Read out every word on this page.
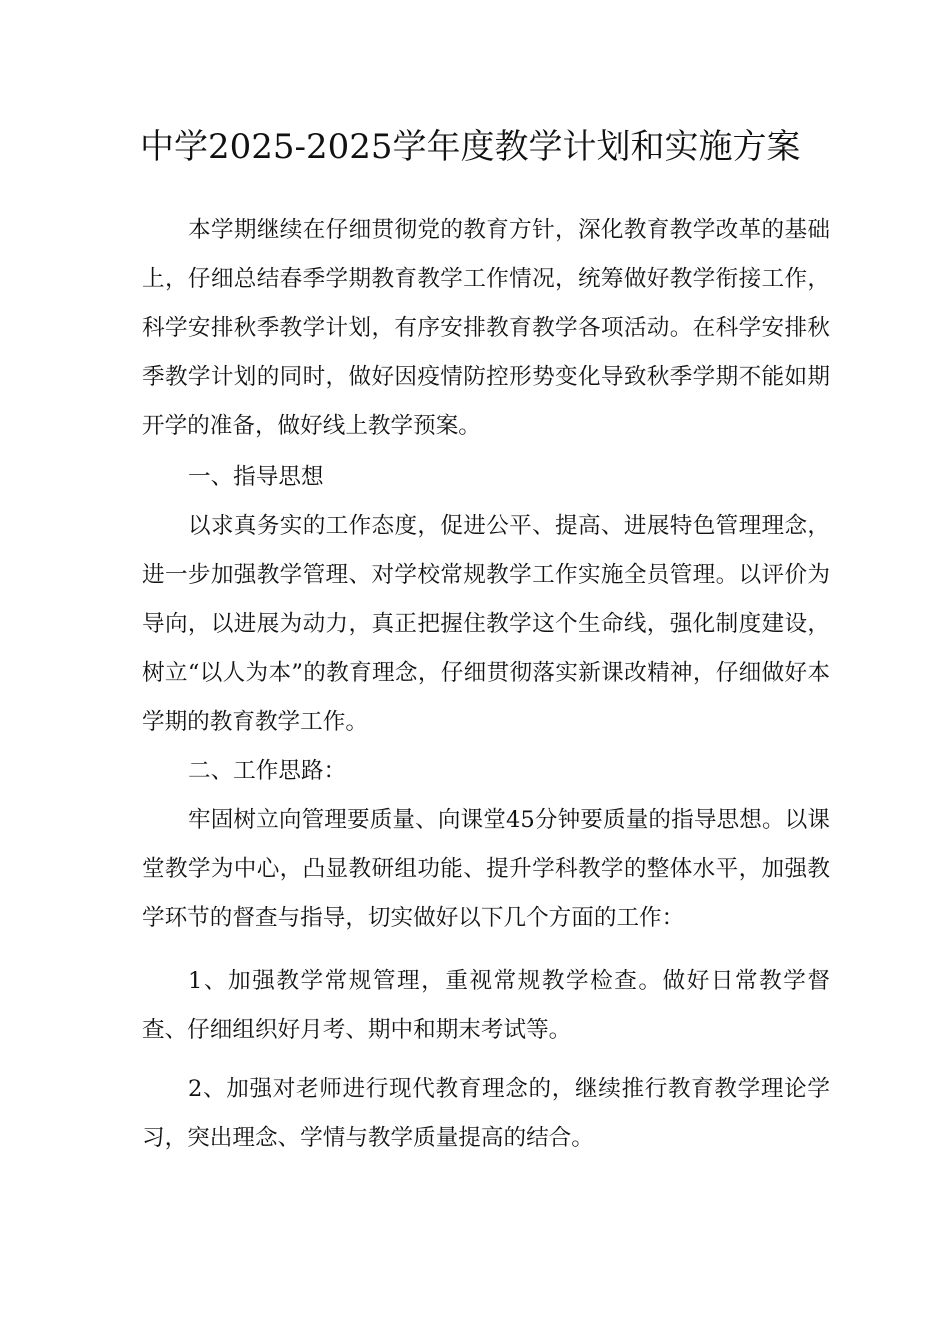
中学2025-2025学年度教学计划和实施方案

本学期继续在仔细贯彻党的教育方针，深化教育教学改革的基础上，仔细总结春季学期教育教学工作情况，统筹做好教学衔接工作，科学安排秋季教学计划，有序安排教育教学各项活动。在科学安排秋季教学计划的同时，做好因疫情防控形势变化导致秋季学期不能如期开学的准备，做好线上教学预案。

一、指导思想

以求真务实的工作态度，促进公平、提高、进展特色管理理念，进一步加强教学管理、对学校常规教学工作实施全员管理。以评价为导向，以进展为动力，真正把握住教学这个生命线，强化制度建设，树立“以人为本”的教育理念，仔细贯彻落实新课改精神，仔细做好本学期的教育教学工作。

二、工作思路：

牢固树立向管理要质量、向课堂45分钟要质量的指导思想。以课堂教学为中心，凸显教研组功能、提升学科教学的整体水平，加强教学环节的督查与指导，切实做好以下几个方面的工作：

1、加强教学常规管理，重视常规教学检查。做好日常教学督查、仔细组织好月考、期中和期末考试等。

2、加强对老师进行现代教育理念的，继续推行教育教学理论学习，突出理念、学情与教学质量提高的结合。
